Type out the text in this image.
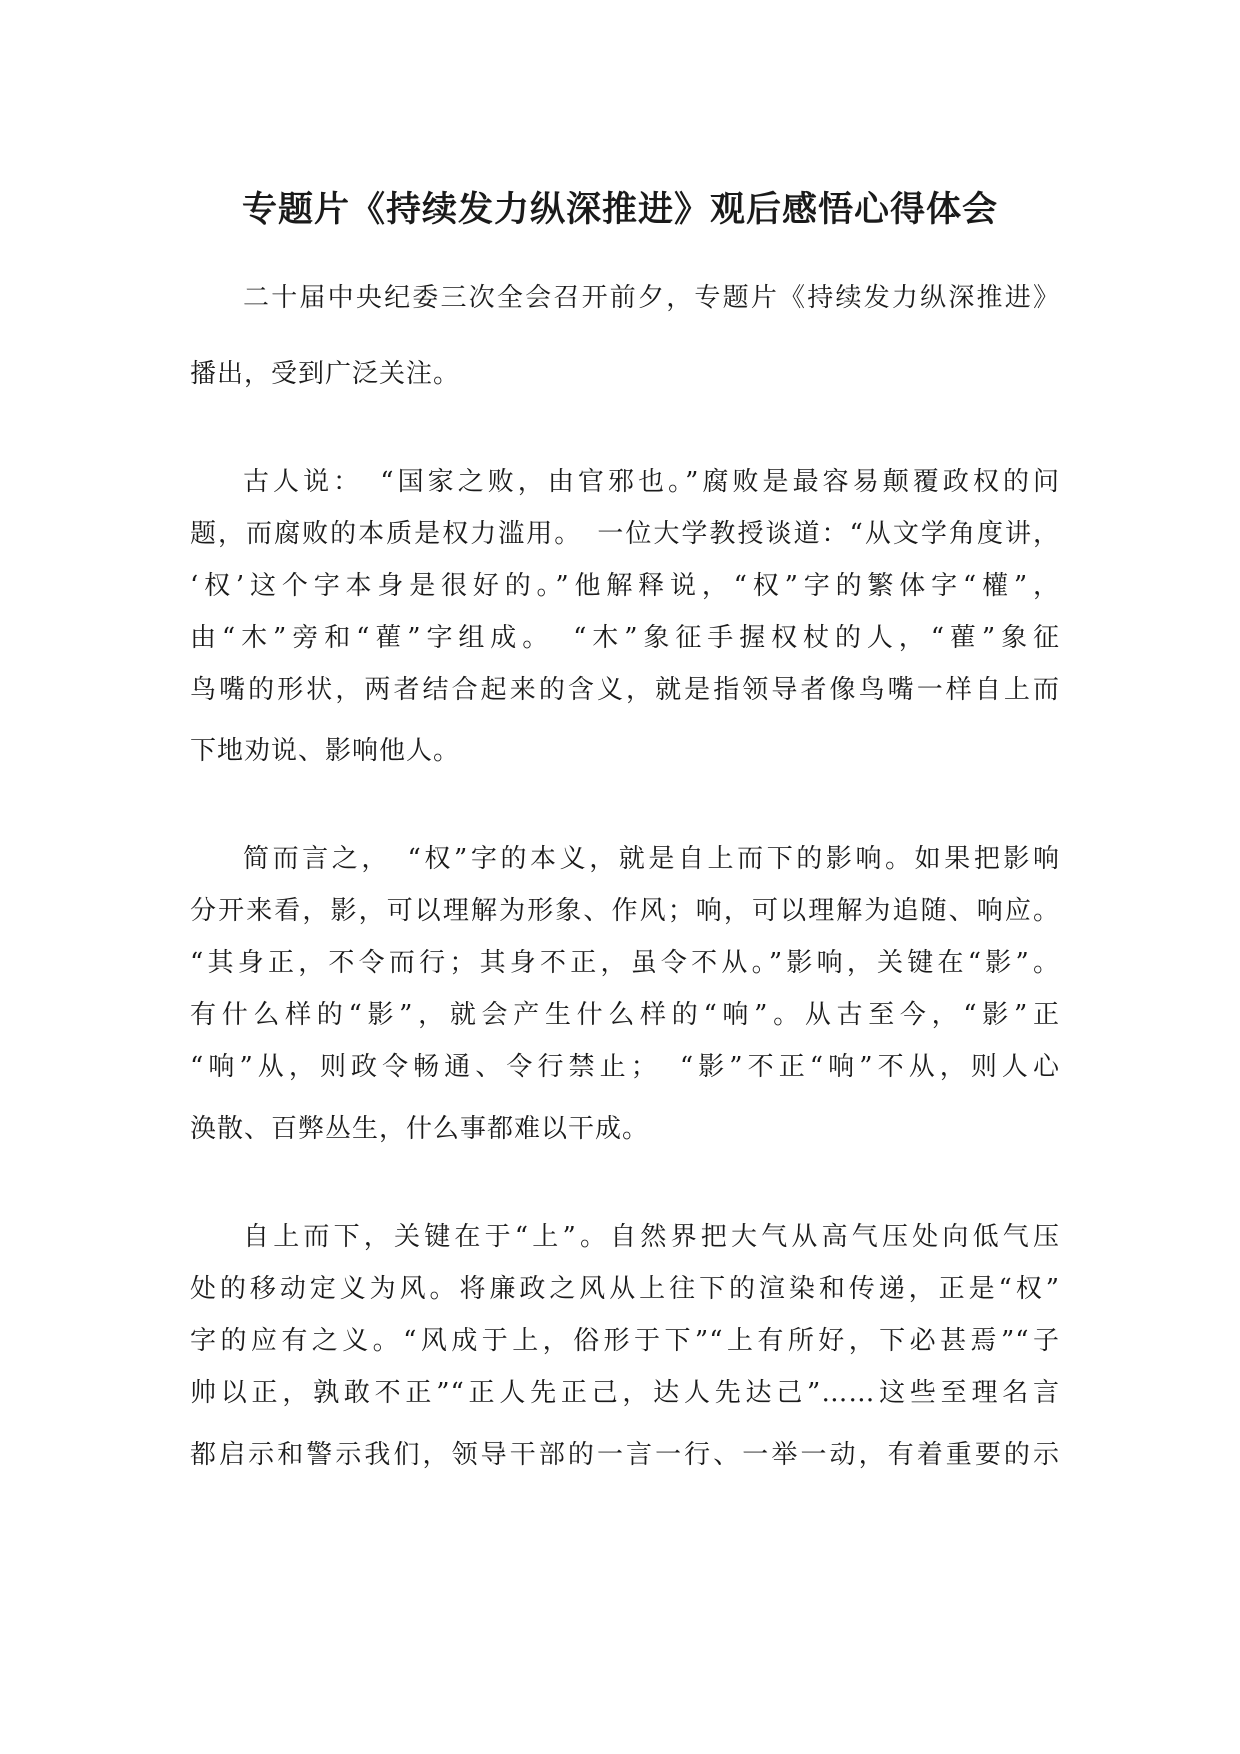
专题片《持续发力纵深推进》观后感悟心得体会

二十届中央纪委三次全会召开前夕，专题片《持续发力纵深推进》

播出，受到广泛关注。

古人说：　“国家之败，由官邪也。”腐败是最容易颠覆政权的问

题，而腐败的本质是权力滥用。　一位大学教授谈道：“从文学角度讲，

‘权’这个字本身是很好的。”他解释说，“权”字的繁体字“權”，

由“木”旁和“雚”字组成。　“木”象征手握权杖的人，“雚”象征

鸟嘴的形状，两者结合起来的含义，就是指领导者像鸟嘴一样自上而

下地劝说、影响他人。

简而言之，　“权”字的本义，就是自上而下的影响。如果把影响

分开来看，影，可以理解为形象、作风；响，可以理解为追随、响应。

“其身正，不令而行；其身不正，虽令不从。”影响，关键在“影”。

有什么样的“影”，就会产生什么样的“响”。从古至今，“影”正

“响”从，则政令畅通、令行禁止；　“影”不正“响”不从，则人心

涣散、百弊丛生，什么事都难以干成。

自上而下，关键在于“上”。自然界把大气从高气压处向低气压

处的移动定义为风。将廉政之风从上往下的渲染和传递，正是“权”

字的应有之义。“风成于上，俗形于下”“上有所好，下必甚焉”“子

帅以正，孰敢不正”“正人先正己，达人先达己”……这些至理名言

都启示和警示我们，领导干部的一言一行、一举一动，有着重要的示
